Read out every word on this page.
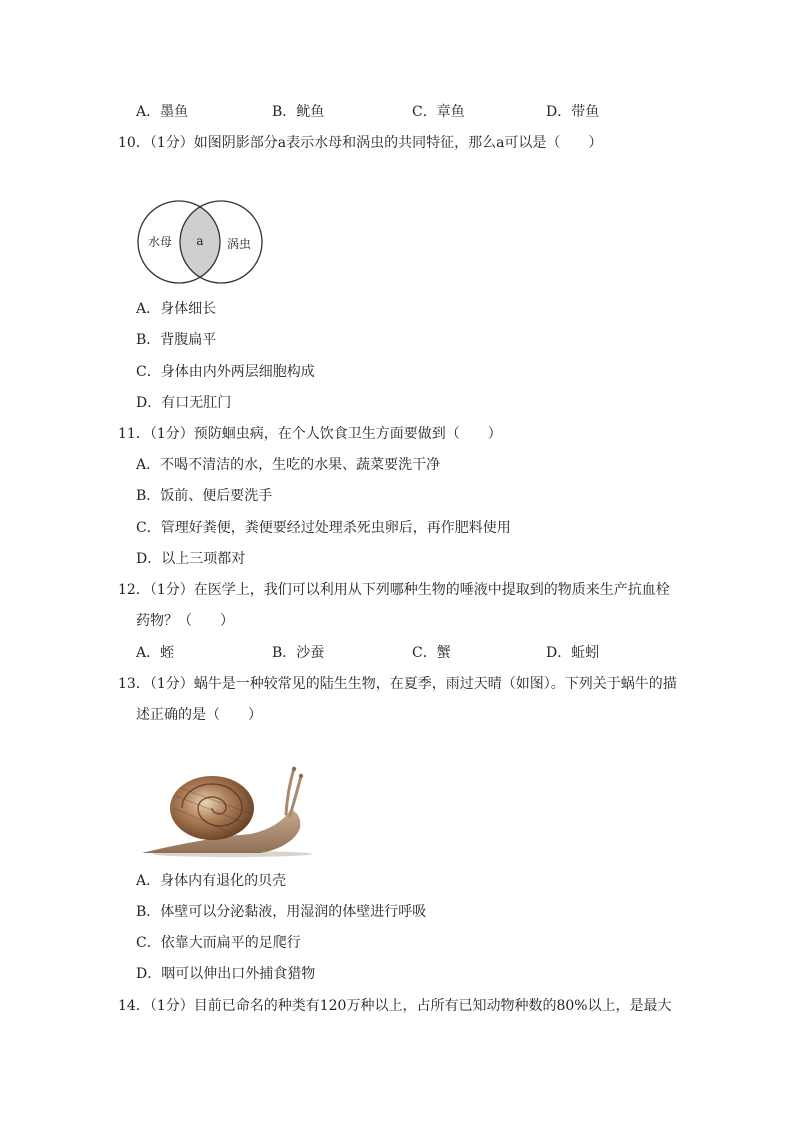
A．墨鱼	B．鱿鱼	C．章鱼	D．带鱼
10．（1分）如图阴影部分a表示水母和涡虫的共同特征，那么a可以是（　　）
水母 a 涡虫
A．身体细长
B．背腹扁平
C．身体由内外两层细胞构成
D．有口无肛门
11．（1分）预防蛔虫病，在个人饮食卫生方面要做到（　　）
A．不喝不清洁的水，生吃的水果、蔬菜要洗干净
B．饭前、便后要洗手
C．管理好粪便，粪便要经过处理杀死虫卵后，再作肥料使用
D．以上三项都对
12．（1分）在医学上，我们可以利用从下列哪种生物的唾液中提取到的物质来生产抗血栓
药物？（　　）
A．蛭	B．沙蚕	C．蟹	D．蚯蚓
13．（1分）蜗牛是一种较常见的陆生生物，在夏季，雨过天晴（如图）。下列关于蜗牛的描
述正确的是（　　）
A．身体内有退化的贝壳
B．体壁可以分泌黏液，用湿润的体壁进行呼吸
C．依靠大而扁平的足爬行
D．咽可以伸出口外捕食猎物
14．（1分）目前已命名的种类有120万种以上，占所有已知动物种数的80%以上，是最大
